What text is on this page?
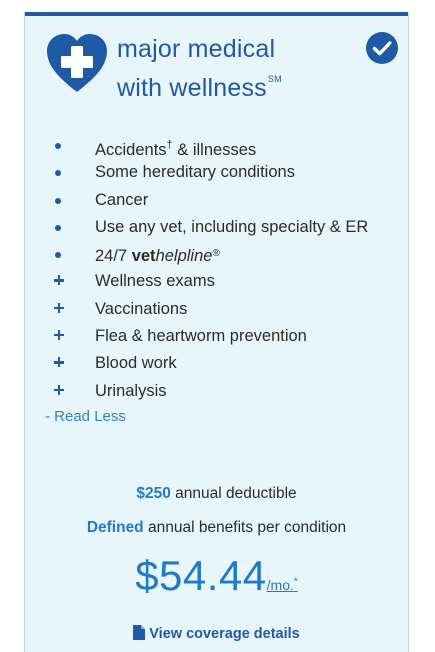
major medical
with wellness℠
Accidents† & illnesses
Some hereditary conditions
Cancer
Use any vet, including specialty & ER
24/7 vethelpline®
Wellness exams
Vaccinations
Flea & heartworm prevention
Blood work
Urinalysis
- Read Less
$250 annual deductible
Defined annual benefits per condition
$54.44/mo.*
View coverage details
